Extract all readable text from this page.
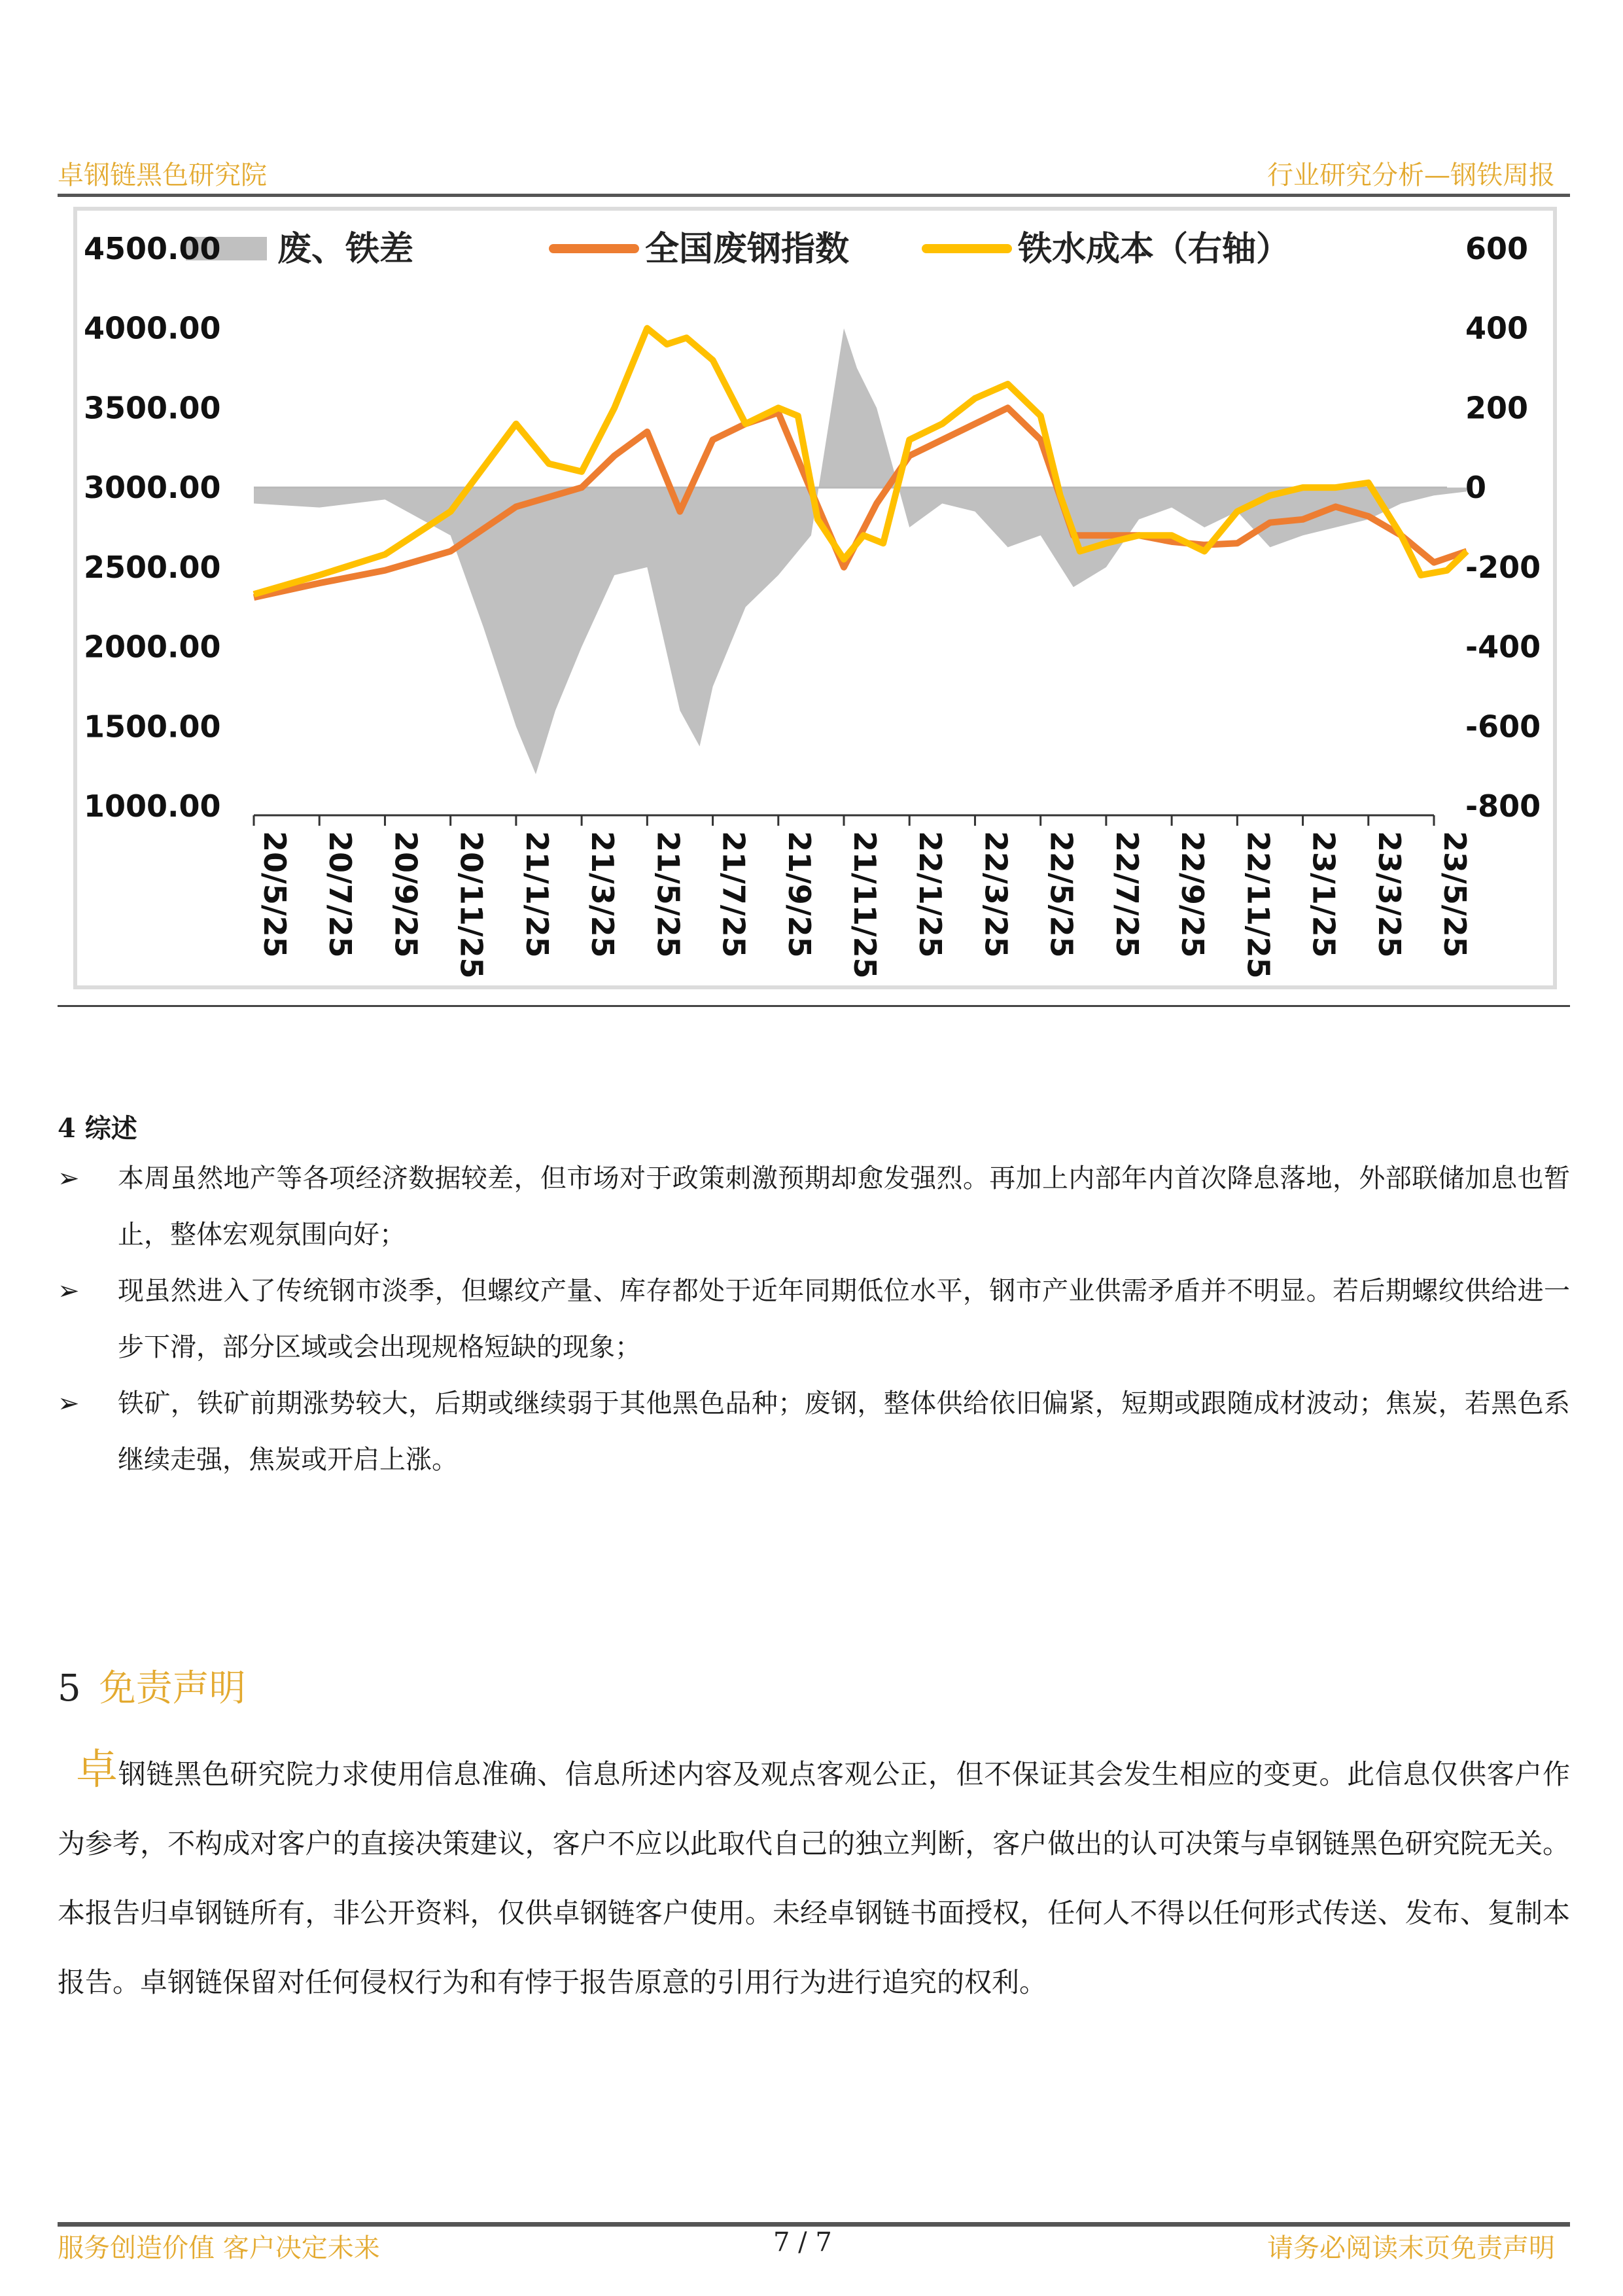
卓钢链黑色研究院	行业研究分析—钢铁周报
废、铁差	全国废钢指数	铁水成本（右轴）
4500.00
4000.00
3500.00
3000.00
2500.00
2000.00
1500.00
1000.00
600
400
200
0
-200
-400
-600
-800
20/5/25 20/7/25 20/9/25 20/11/25 21/1/25 21/3/25 21/5/25 21/7/25 21/9/25 21/11/25 22/1/25 22/3/25 22/5/25 22/7/25 22/9/25 22/11/25 23/1/25 23/3/25 23/5/25
4 综述
➢	本周虽然地产等各项经济数据较差，但市场对于政策刺激预期却愈发强烈。再加上内部年内首次降息落地，外部联储加息也暂止，整体宏观氛围向好；
➢	现虽然进入了传统钢市淡季，但螺纹产量、库存都处于近年同期低位水平，钢市产业供需矛盾并不明显。若后期螺纹供给进一步下滑，部分区域或会出现规格短缺的现象；
➢	铁矿，铁矿前期涨势较大，后期或继续弱于其他黑色品种；废钢，整体供给依旧偏紧，短期或跟随成材波动；焦炭，若黑色系继续走强，焦炭或开启上涨。
5 免责声明
卓钢链黑色研究院力求使用信息准确、信息所述内容及观点客观公正，但不保证其会发生相应的变更。此信息仅供客户作为参考，不构成对客户的直接决策建议，客户不应以此取代自己的独立判断，客户做出的认可决策与卓钢链黑色研究院无关。本报告归卓钢链所有，非公开资料，仅供卓钢链客户使用。未经卓钢链书面授权，任何人不得以任何形式传送、发布、复制本报告。卓钢链保留对任何侵权行为和有悖于报告原意的引用行为进行追究的权利。
服务创造价值 客户决定未来	7 / 7	请务必阅读末页免责声明
